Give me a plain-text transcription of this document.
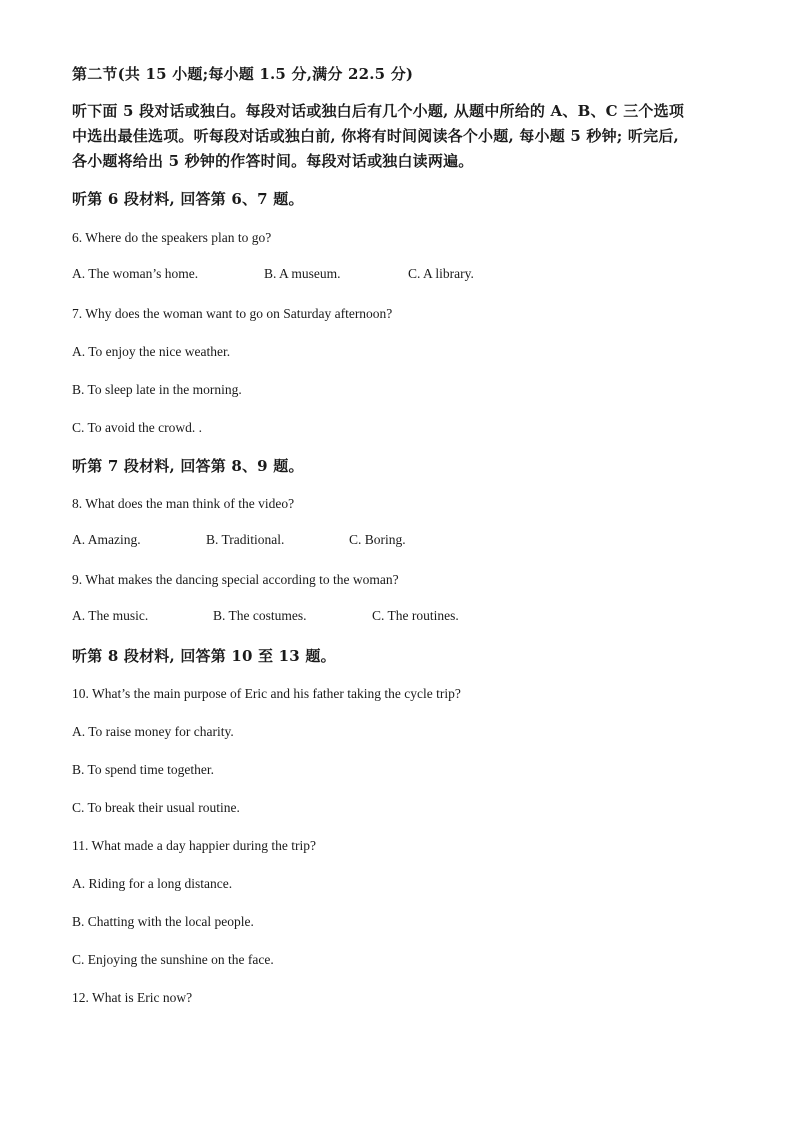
第二节(共 15 小题;每小题 1.5 分,满分 22.5 分)
听下面 5 段对话或独白。每段对话或独白后有几个小题, 从题中所给的 A、B、C 三个选项
中选出最佳选项。听每段对话或独白前, 你将有时间阅读各个小题, 每小题 5 秒钟; 听完后,
各小题将给出 5 秒钟的作答时间。每段对话或独白读两遍。
听第 6 段材料, 回答第 6、7 题。
6. Where do the speakers plan to go?
A. The woman’s home.	B. A museum.	C. A library.
7. Why does the woman want to go on Saturday afternoon?
A. To enjoy the nice weather.
B. To sleep late in the morning.
C. To avoid the crowd. .
听第 7 段材料, 回答第 8、9 题。
8. What does the man think of the video?
A. Amazing.	B. Traditional.	C. Boring.
9. What makes the dancing special according to the woman?
A. The music.	B. The costumes.	C. The routines.
听第 8 段材料, 回答第 10 至 13 题。
10. What’s the main purpose of Eric and his father taking the cycle trip?
A. To raise money for charity.
B. To spend time together.
C. To break their usual routine.
11. What made a day happier during the trip?
A. Riding for a long distance.
B. Chatting with the local people.
C. Enjoying the sunshine on the face.
12. What is Eric now?
